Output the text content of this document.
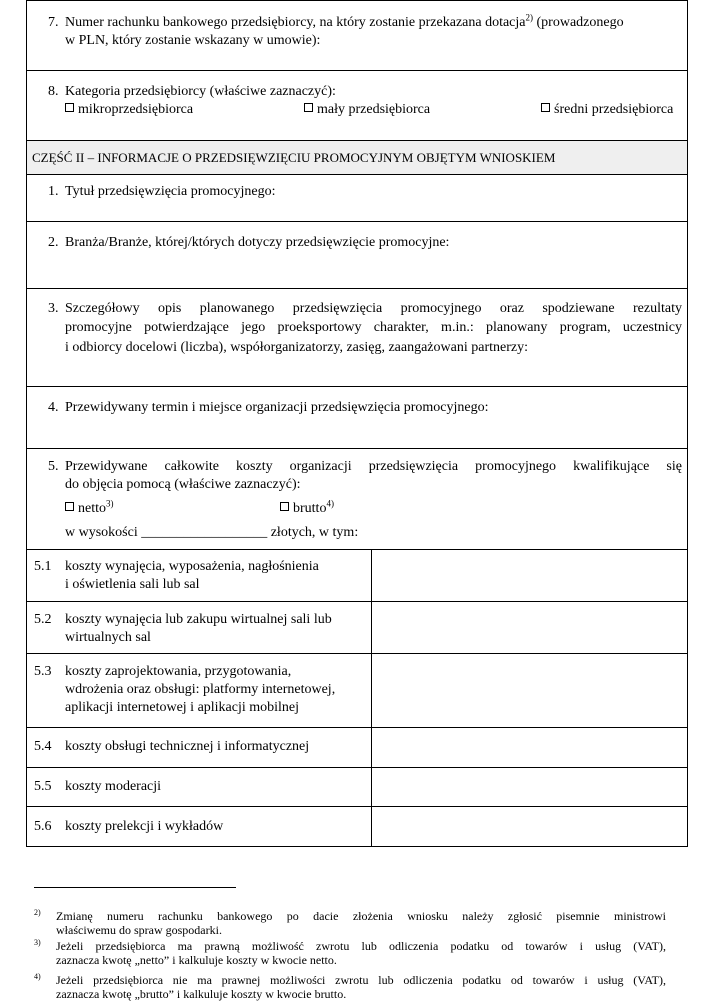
7. Numer rachunku bankowego przedsiębiorcy, na który zostanie przekazana dotacja$^{2)}$ (prowadzonego
w PLN, który zostanie wskazany w umowie):
8. Kategoria przedsiębiorcy (właściwe zaznaczyć):
mikroprzedsiębiorca	mały przedsiębiorca	średni przedsiębiorca
CZĘŚĆ II – INFORMACJE O PRZEDSIĘWZIĘCIU PROMOCYJNYM OBJĘTYM WNIOSKIEM
1. Tytuł przedsięwzięcia promocyjnego:
2. Branża/Branże, której/których dotyczy przedsięwzięcie promocyjne:
3. Szczegółowy opis planowanego przedsięwzięcia promocyjnego oraz spodziewane rezultaty
promocyjne potwierdzające jego proeksportowy charakter, m.in.: planowany program, uczestnicy
i odbiorcy docelowi (liczba), współorganizatorzy, zasięg, zaangażowani partnerzy:
4. Przewidywany termin i miejsce organizacji przedsięwzięcia promocyjnego:
5. Przewidywane całkowite koszty organizacji przedsięwzięcia promocyjnego kwalifikujące się
do objęcia pomocą (właściwe zaznaczyć):
netto$^{3)}$	brutto$^{4)}$
w wysokości __________________ złotych, w tym:
5.1 koszty wynajęcia, wyposażenia, nagłośnienia
i oświetlenia sali lub sal
5.2 koszty wynajęcia lub zakupu wirtualnej sali lub
wirtualnych sal
5.3 koszty zaprojektowania, przygotowania,
wdrożenia oraz obsługi: platformy internetowej,
aplikacji internetowej i aplikacji mobilnej
5.4 koszty obsługi technicznej i informatycznej
5.5 koszty moderacji
5.6 koszty prelekcji i wykładów
2) Zmianę numeru rachunku bankowego po dacie złożenia wniosku należy zgłosić pisemnie ministrowi
właściwemu do spraw gospodarki.
3) Jeżeli przedsiębiorca ma prawną możliwość zwrotu lub odliczenia podatku od towarów i usług (VAT),
zaznacza kwotę „netto” i kalkuluje koszty w kwocie netto.
4) Jeżeli przedsiębiorca nie ma prawnej możliwości zwrotu lub odliczenia podatku od towarów i usług (VAT),
zaznacza kwotę „brutto” i kalkuluje koszty w kwocie brutto.
